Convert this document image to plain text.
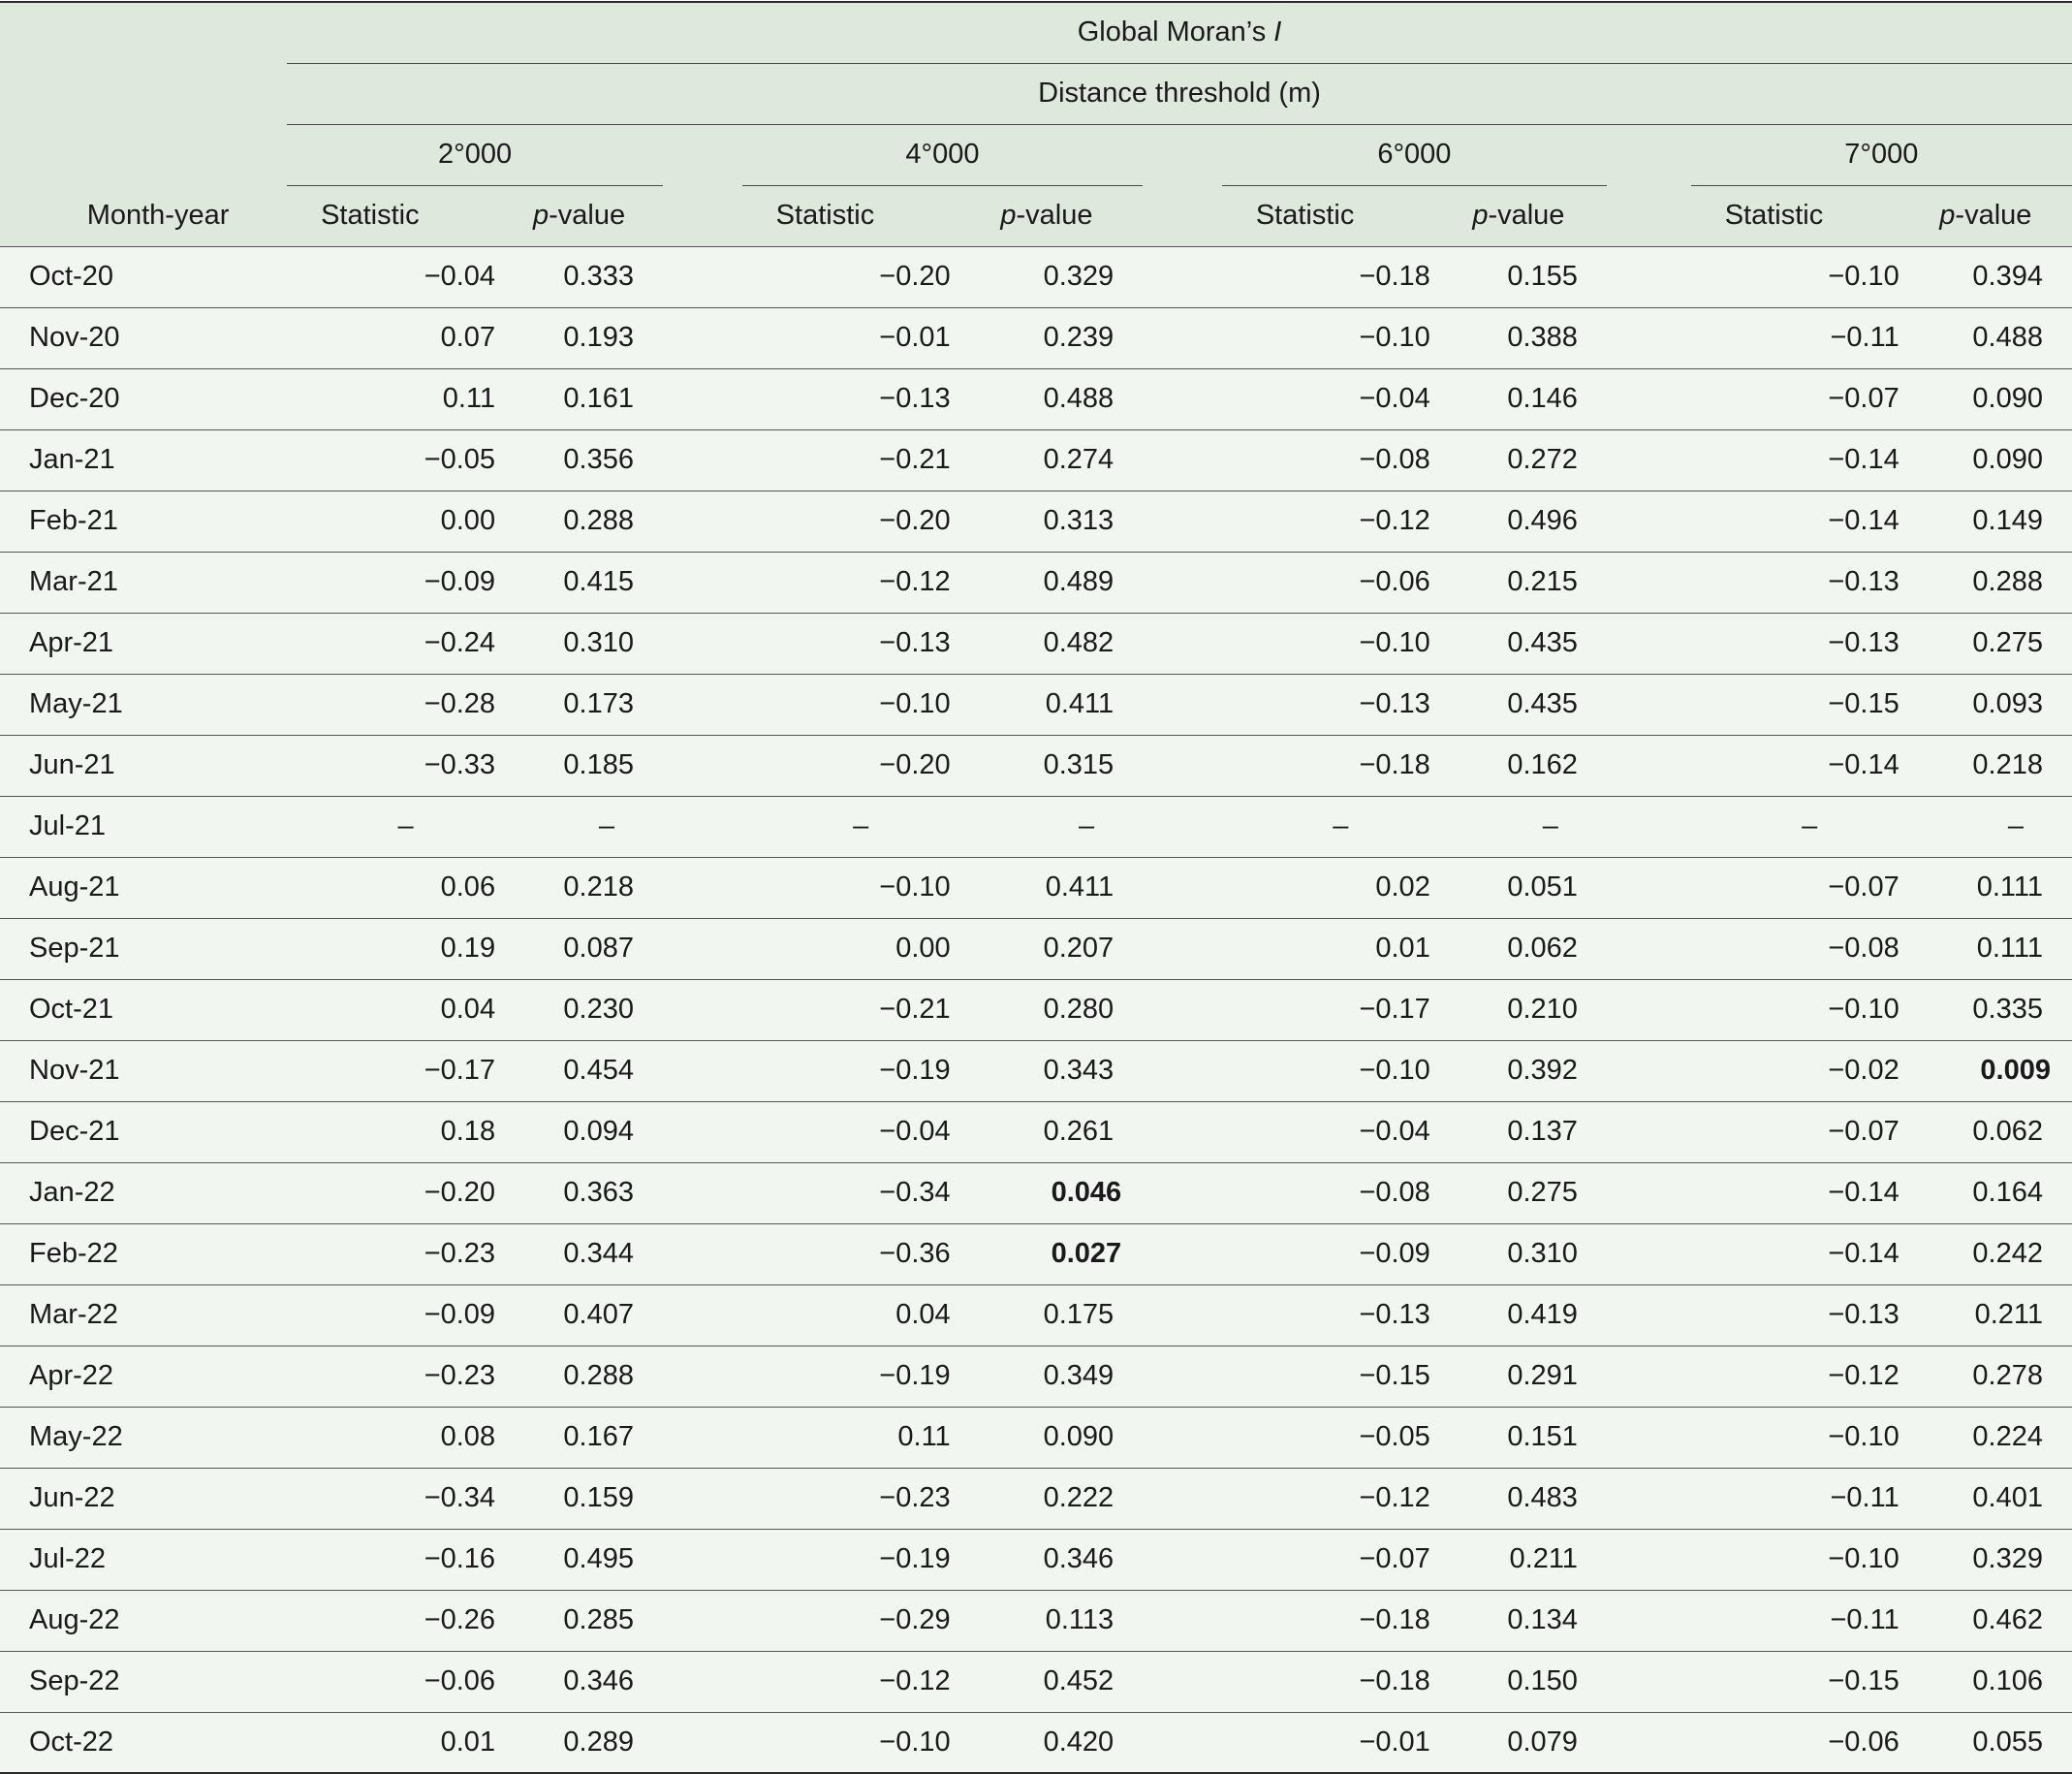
	Global Moran’s I										
	Distance threshold (m)										
	2°000			4°000			6°000			7°000	
Month-year	Statistic	p-value		Statistic	p-value		Statistic	p-value		Statistic	p-value
Oct-20	−0.04	0.333		−0.20	0.329		−0.18	0.155		−0.10	0.394
Nov-20	0.07	0.193		−0.01	0.239		−0.10	0.388		−0.11	0.488
Dec-20	0.11	0.161		−0.13	0.488		−0.04	0.146		−0.07	0.090
Jan-21	−0.05	0.356		−0.21	0.274		−0.08	0.272		−0.14	0.090
Feb-21	0.00	0.288		−0.20	0.313		−0.12	0.496		−0.14	0.149
Mar-21	−0.09	0.415		−0.12	0.489		−0.06	0.215		−0.13	0.288
Apr-21	−0.24	0.310		−0.13	0.482		−0.10	0.435		−0.13	0.275
May-21	−0.28	0.173		−0.10	0.411		−0.13	0.435		−0.15	0.093
Jun-21	−0.33	0.185		−0.20	0.315		−0.18	0.162		−0.14	0.218
Jul-21	–	–		–	–		–	–		–	–
Aug-21	0.06	0.218		−0.10	0.411		0.02	0.051		−0.07	0.111
Sep-21	0.19	0.087		0.00	0.207		0.01	0.062		−0.08	0.111
Oct-21	0.04	0.230		−0.21	0.280		−0.17	0.210		−0.10	0.335
Nov-21	−0.17	0.454		−0.19	0.343		−0.10	0.392		−0.02	0.009
Dec-21	0.18	0.094		−0.04	0.261		−0.04	0.137		−0.07	0.062
Jan-22	−0.20	0.363		−0.34	0.046		−0.08	0.275		−0.14	0.164
Feb-22	−0.23	0.344		−0.36	0.027		−0.09	0.310		−0.14	0.242
Mar-22	−0.09	0.407		0.04	0.175		−0.13	0.419		−0.13	0.211
Apr-22	−0.23	0.288		−0.19	0.349		−0.15	0.291		−0.12	0.278
May-22	0.08	0.167		0.11	0.090		−0.05	0.151		−0.10	0.224
Jun-22	−0.34	0.159		−0.23	0.222		−0.12	0.483		−0.11	0.401
Jul-22	−0.16	0.495		−0.19	0.346		−0.07	0.211		−0.10	0.329
Aug-22	−0.26	0.285		−0.29	0.113		−0.18	0.134		−0.11	0.462
Sep-22	−0.06	0.346		−0.12	0.452		−0.18	0.150		−0.15	0.106
Oct-22	0.01	0.289		−0.10	0.420		−0.01	0.079		−0.06	0.055
